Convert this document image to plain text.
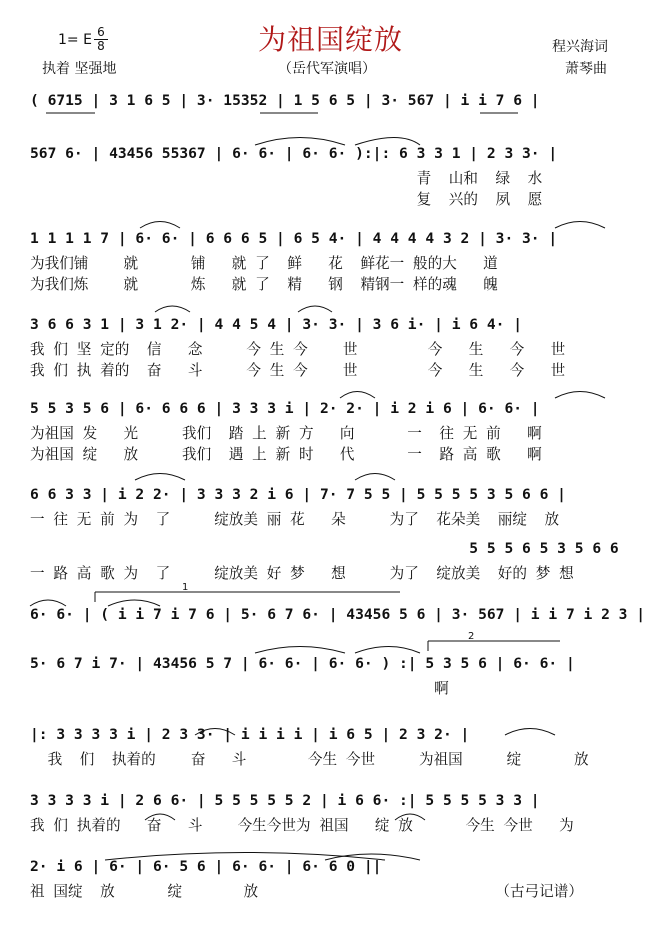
为祖国绽放
1= E $\frac{6}{8}$
执着 坚强地	（岳代军演唱）
程兴海词
萧琴曲
( 6715 | 3 1 6 5 | 3· 15352 | 1 5 6 5 | 3· 567 | i i 7 6 |
567 6· | 43456 55367 | 6· 6· | 6· 6· ):|: 6 3 3 1 | 2 3 3· |
青  山和  绿  水
复  兴的  夙  愿
1 1 1 1 7 | 6· 6· | 6 6 6 5 | 6 5 4· | 4 4 4 4 3 2 | 3· 3· |
为我们铺    就      铺   就 了  鲜   花  鲜花一 般的大   道
为我们炼    就      炼   就 了  精   钢  精钢一 样的魂   魄
3 6 6 3 1 | 3 1 2· | 4 4 5 4 | 3· 3· | 3 6 i· | i 6 4· |
我 们 坚 定的  信   念     今 生 今    世        今   生   今   世
我 们 执 着的  奋   斗     今 生 今    世        今   生   今   世
5 5 3 5 6 | 6· 6 6 6 | 3 3 3 i | 2· 2· | i 2 i 6 | 6· 6· |
为祖国 发   光     我们  踏 上 新 方   向      一  往 无 前   啊
为祖国 绽   放     我们  遇 上 新 时   代      一  路 高 歌   啊
6 6 3 3 | i 2 2· | 3 3 3 2 i 6 | 7· 7 5 5 | 5 5 5 5 3 5 6 6 |
一 往 无 前 为  了     绽放美 丽 花   朵     为了  花朵美  丽绽  放
5 5 5 6 5 3 5 6 6
一 路 高 歌 为  了     绽放美 好 梦   想     为了  绽放美  好的 梦 想
6· 6· | ( i i 7 i 7 6 | 5· 6 7 6· | 43456 5 6 | 3· 567 | i i 7 i 2 3 |
5· 6 7 i 7· | 43456 5 7 | 6· 6· | 6· 6· ) :| 5 3 5 6 | 6· 6· |
啊
|: 3 3 3 3 i | 2 3 3· | i i i i | i 6 5 | 2 3 2· |
我  们  执着的    奋   斗       今生 今世     为祖国     绽      放
3 3 3 3 i | 2 6 6· | 5 5 5 5 5 2 | i 6 6· :| 5 5 5 5 3 3 |
我 们 执着的   奋   斗    今生今世为 祖国   绽 放      今生 今世   为
2· i 6 | 6· | 6· 5 6 | 6· 6· | 6· 6 0 ||
祖 国绽  放      绽       放                           （古弓记谱）
1
2
